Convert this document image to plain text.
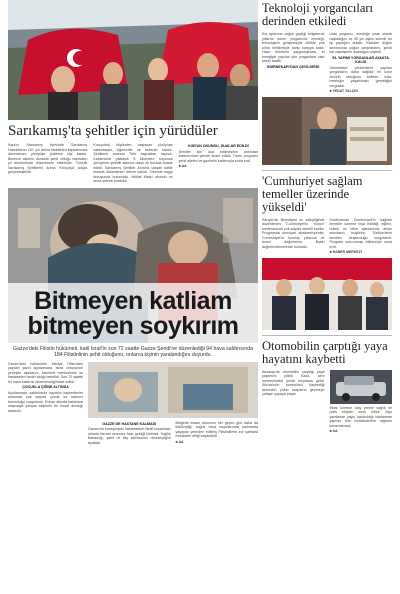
Sarıkamış'ta şehitler için yürüdüler
Kars'ın Sarıkamış ilçesinde Sarıkamış Harekâtının 110. yılı anma etkinlikleri kapsamında düzenlenen yürüyüşe yüzlerce kişi katıldı. Binlerce askerin donarak şehit olduğu harekâtın yıl dönümünde düzenlenen etkinlikler, 'Turistik Sarıkamış Şehitlerini Anma Yürüyüşü' adıyla gerçekleştirildi.
Kızılçubuk köyünden başlayan yürüyüşe vatandaşlar, öğrenciler ve askerler katıldı. Şehitlerin anısına Türk bayrakları taşındı. Katılımcılar yaklaşık 5 kilometre boyunca yürüyerek şehitlik alanına ulaştı ve burada dualar edildi. Sarıkamış Şehitler Anıtı'na ulaşan kafile burada düzenlenen törene katıldı. Törende saygı duruşunda bulunuldu, İstiklal Marşı okundu ve anıta çelenk bırakıldı.
KUR'AN OKUNDU, DUALAR EDİLDİ
Şehitler için dua edilmesinin ardından katılımcılara yemek ikram edildi. Tören programı şehit aileleri ve gazilerin katılımıyla sona erdi.
■ AA
Bitmeyen katliam
bitmeyen soykırım
Gazze'deki Filistin hükümeti, katil İsrail'in son 72 saatte Gazze Şeridi'ne düzenlediği 94 hava saldırısında 184 Filistinlinin şehit olduğunu, onlarca kişinin yaralandığını duyurdu.
Gazze'deki hükümetin Medya Ofisi'nden yapılan yazılı açıklamada, İsrail ordusunun yerleşim alanlarını, barınma merkezlerini ve hastaneleri hedef aldığı belirtildi. Son 72 saatte 94 hava saldırısı düzenlendiği ifade edildi.
ÇOCUKLA ÇİĞNE ALTINDA
Açıklamada, saldırılarda hayatını kaybedenler arasında çok sayıda çocuk ve kadının bulunduğu vurgulandı. Enkaz altında kalanlara ulaşmaya çalışan ekiplerin de hedef alındığı aktarıldı.
GAZZE DE HASTANE KALMADI
Gazze'nin kuzeyindeki hastanelerin İsrail kuşatması altında hizmet veremez hale geldiği bildirildi. Sağlık Bakanlığı, yakıt ve ilaç sıkıntısının derinleştiğini açıkladı.
Bölgede insani durumun her geçen gün daha da kötüleştiği, soğuk hava koşullarında çadırlarda yaşayan yerinden edilmiş Filistinlilerin zor şartlarla mücadele ettiği kaydedildi.
■ AA
Teknoloji yorgancıları derinden etkiledi
Kış aylarının soğuk geçtiği bölgelerde yıllardır süren yorgancılık mesleği, teknolojinin gelişmesiyle birlikte yok olma tehlikesiyle karşı karşıya kaldı. Hazır ürünlerin yaygınlaşması, el emeğiyle yapılan yün yorganlara olan talebi azalttı.
EDİRNEKAPI'DAN ÇEVİLDİRDİ
Usta yorgancı, mesleğe çırak olarak başladığını ve 40 yılı aşkın süredir bu işi yaptığını anlattı. Eskiden düğün sezonunda yoğun çalıştıklarını, şimdi ise siparişlerin azaldığını söyledi.
EL YAPIMI YORGANLAR AYAKTA KALDI
Geleneksel yöntemlerle yapılan yorganların daha sağlıklı ve uzun ömürlü olduğunu belirten usta, mesleğin yaşatılması gerektiğini vurguladı.
■ YEDAT YALÇIN
'Cumhuriyet sağlam temeller üzerinde yükseldi'
Sarıyer'de Belediyesi ev sahipliğinde düzenlenen 'Cumhuriyet'in Yüzyılı' konferansına çok sayıda davetli katıldı. Programda konuşan akademisyenler, Cumhuriyet'in kuruluş yıllarına ve temel değerlerine ilişkin değerlendirmelerde bulundu.
Konferansta Cumhuriyet'in sağlam temeller üzerine inşa edildiği, eğitim, hukuk ve bilim alanlarında atılan adımların bugünün Türkiye'sinin temelini oluşturduğu vurgulandı. Program soru-cevap bölümüyle sona erdi.
■ HABER MERKEZİ
Otomobilin çarptığı yaya hayatını kaybetti
Aksaray'da otomobilin çarptığı yaya yaşamını yitirdi. Kaza, kent merkezindeki yolda meydana geldi. Sürücünün kontrolünü kaybettiği otomobil, yolun karşısına geçmeye çalışan yayaya çarptı.
İhbar üzerine olay yerine sağlık ve polis ekipleri sevk edildi. Ağır yaralanan yaya, kaldırıldığı hastanede yapılan tüm müdahalelere rağmen kurtarılamadı.
■ AA
